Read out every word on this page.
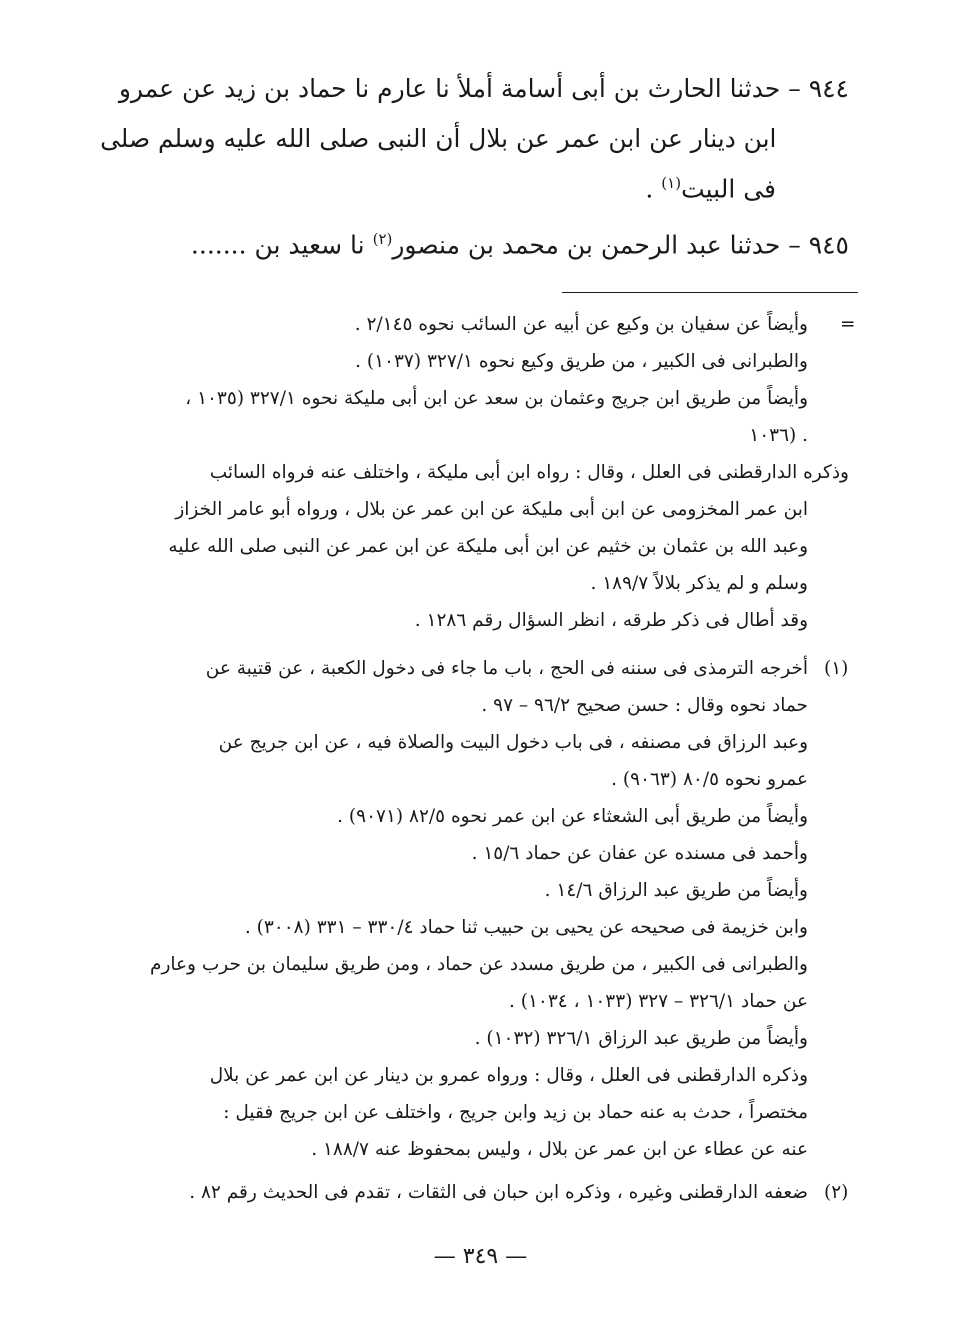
٩٤٤ – حدثنا الحارث بن أبى أسامة أملأ نا عارم نا حماد بن زيد عن عمرو
ابن دينار عن ابن عمر عن بلال أن النبى صلى الله عليه وسلم صلى
فى البيت$^{(١)}$ .
٩٤٥ – حدثنا عبد الرحمن بن محمد بن منصور$^{(٢)}$ نا سعيد بن .......
=
وأيضاً عن سفيان بن وكيع عن أبيه عن السائب نحوه ٢/١٤٥ .
والطبرانى فى الكبير ، من طريق وكيع نحوه ٣٢٧/١ (١٠٣٧) .
وأيضاً من طريق ابن جريج وعثمان بن سعد عن ابن أبى مليكة نحوه ٣٢٧/١ (١٠٣٥ ،
١٠٣٦) .
وذكره الدارقطنى فى العلل ، وقال : رواه ابن أبى مليكة ، واختلف عنه فرواه السائب
ابن عمر المخزومى عن ابن أبى مليكة عن ابن عمر عن بلال ، ورواه أبو عامر الخزاز
وعبد الله بن عثمان بن خثيم عن ابن أبى مليكة عن ابن عمر عن النبى صلى الله عليه
وسلم و لم يذكر بلالاً ١٨٩/٧ .
وقد أطال فى ذكر طرقه ، انظر السؤال رقم ١٢٨٦ .
(١)
أخرجه الترمذى فى سننه فى الحج ، باب ما جاء فى دخول الكعبة ، عن قتيبة عن
حماد نحوه وقال : حسن صحيح ٩٦/٢ – ٩٧ .
وعبد الرزاق فى مصنفه ، فى باب دخول البيت والصلاة فيه ، عن ابن جريج عن
عمرو نحوه ٨٠/٥ (٩٠٦٣) .
وأيضاً من طريق أبى الشعثاء عن ابن عمر نحوه ٨٢/٥ (٩٠٧١) .
وأحمد فى مسنده عن عفان عن حماد ١٥/٦ .
وأيضاً من طريق عبد الرزاق ١٤/٦ .
وابن خزيمة فى صحيحه عن يحيى بن حبيب ثنا حماد ٣٣٠/٤ – ٣٣١ (٣٠٠٨) .
والطبرانى فى الكبير ، من طريق مسدد عن حماد ، ومن طريق سليمان بن حرب وعارم
عن حماد ٣٢٦/١ – ٣٢٧ (١٠٣٣ ، ١٠٣٤) .
وأيضاً من طريق عبد الرزاق ٣٢٦/١ (١٠٣٢) .
وذكره الدارقطنى فى العلل ، وقال : ورواه عمرو بن دينار عن ابن عمر عن بلال
مختصراً ، حدث به عنه حماد بن زيد وابن جريج ، واختلف عن ابن جريج فقيل :
عنه عن عطاء عن ابن عمر عن بلال ، وليس بمحفوظ عنه ١٨٨/٧ .
(٢)
ضعفه الدارقطنى وغيره ، وذكره ابن حبان فى الثقات ، تقدم فى الحديث رقم ٨٢ .
— ٣٤٩ —
